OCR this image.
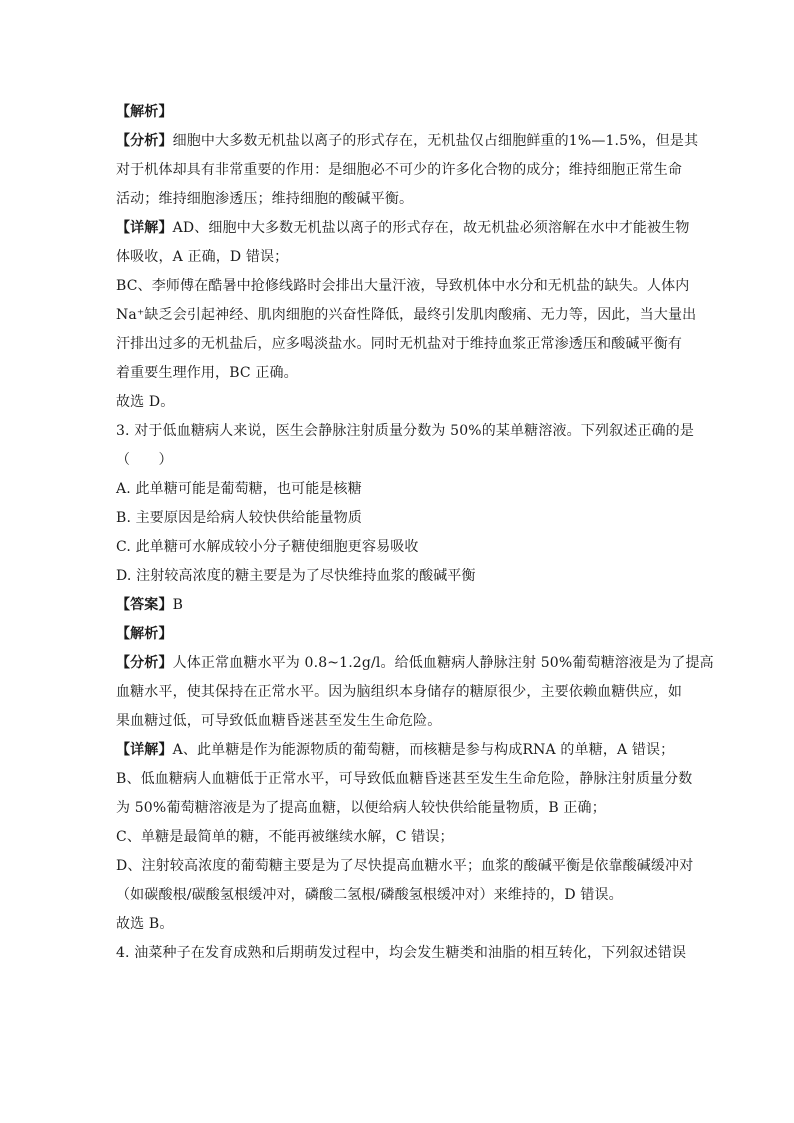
【解析】
【分析】细胞中大多数无机盐以离子的形式存在，无机盐仅占细胞鲜重的1%—1.5%，但是其
对于机体却具有非常重要的作用：是细胞必不可少的许多化合物的成分；维持细胞正常生命
活动；维持细胞渗透压；维持细胞的酸碱平衡。
【详解】AD、细胞中大多数无机盐以离子的形式存在，故无机盐必须溶解在水中才能被生物
体吸收，A 正确，D 错误；
BC、李师傅在酷暑中抢修线路时会排出大量汗液，导致机体中水分和无机盐的缺失。人体内
Na⁺缺乏会引起神经、肌肉细胞的兴奋性降低，最终引发肌肉酸痛、无力等，因此，当大量出
汗排出过多的无机盐后，应多喝淡盐水。同时无机盐对于维持血浆正常渗透压和酸碱平衡有
着重要生理作用，BC 正确。
故选 D。
3. 对于低血糖病人来说，医生会静脉注射质量分数为 50%的某单糖溶液。下列叙述正确的是
（　　）
A. 此单糖可能是葡萄糖，也可能是核糖
B. 主要原因是给病人较快供给能量物质
C. 此单糖可水解成较小分子糖使细胞更容易吸收
D. 注射较高浓度的糖主要是为了尽快维持血浆的酸碱平衡
【答案】B
【解析】
【分析】人体正常血糖水平为 0.8~1.2g/l。给低血糖病人静脉注射 50%葡萄糖溶液是为了提高
血糖水平，使其保持在正常水平。因为脑组织本身储存的糖原很少，主要依赖血糖供应，如
果血糖过低，可导致低血糖昏迷甚至发生生命危险。
【详解】A、此单糖是作为能源物质的葡萄糖，而核糖是参与构成RNA 的单糖，A 错误；
B、低血糖病人血糖低于正常水平，可导致低血糖昏迷甚至发生生命危险，静脉注射质量分数
为 50%葡萄糖溶液是为了提高血糖，以便给病人较快供给能量物质，B 正确；
C、单糖是最简单的糖，不能再被继续水解，C 错误；
D、注射较高浓度的葡萄糖主要是为了尽快提高血糖水平；血浆的酸碱平衡是依靠酸碱缓冲对
（如碳酸根/碳酸氢根缓冲对，磷酸二氢根/磷酸氢根缓冲对）来维持的，D 错误。
故选 B。
4. 油菜种子在发育成熟和后期萌发过程中，均会发生糖类和油脂的相互转化，下列叙述错误
